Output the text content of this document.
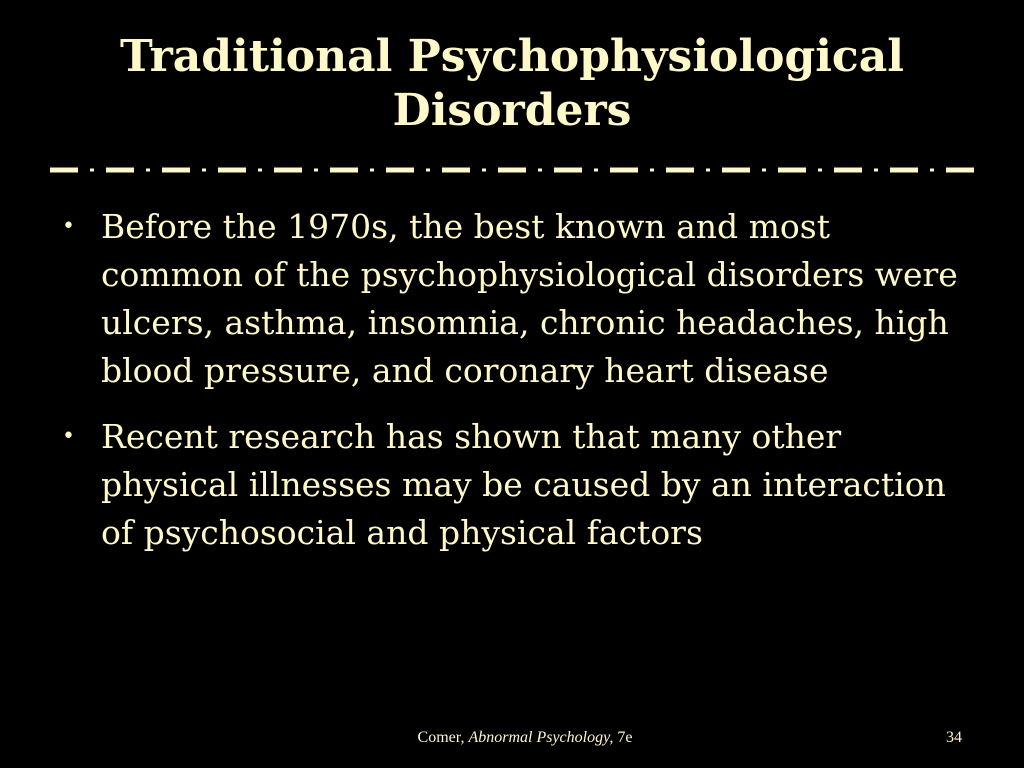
Traditional Psychophysiological Disorders
• Before the 1970s, the best known and most common of the psychophysiological disorders were ulcers, asthma, insomnia, chronic headaches, high blood pressure, and coronary heart disease
• Recent research has shown that many other physical illnesses may be caused by an interaction of psychosocial and physical factors
Comer, Abnormal Psychology, 7e	34
